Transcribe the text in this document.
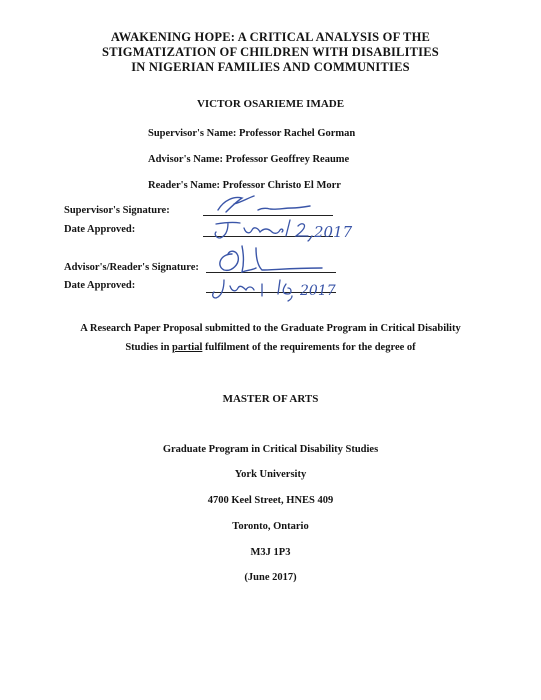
AWAKENING HOPE: A CRITICAL ANALYSIS OF THE
STIGMATIZATION OF CHILDREN WITH DISABILITIES
IN NIGERIAN FAMILIES AND COMMUNITIES
VICTOR OSARIEME IMADE
Supervisor's Name: Professor Rachel Gorman
Advisor's Name: Professor Geoffrey Reaume
Reader's Name: Professor Christo El Morr
Supervisor's Signature:
Date Approved:	2017
Advisor's/Reader's Signature:
Date Approved:	2017
A Research Paper Proposal submitted to the Graduate Program in Critical Disability
Studies in partial fulfilment of the requirements for the degree of
MASTER OF ARTS
Graduate Program in Critical Disability Studies
York University
4700 Keel Street, HNES 409
Toronto, Ontario
M3J 1P3
(June 2017)
